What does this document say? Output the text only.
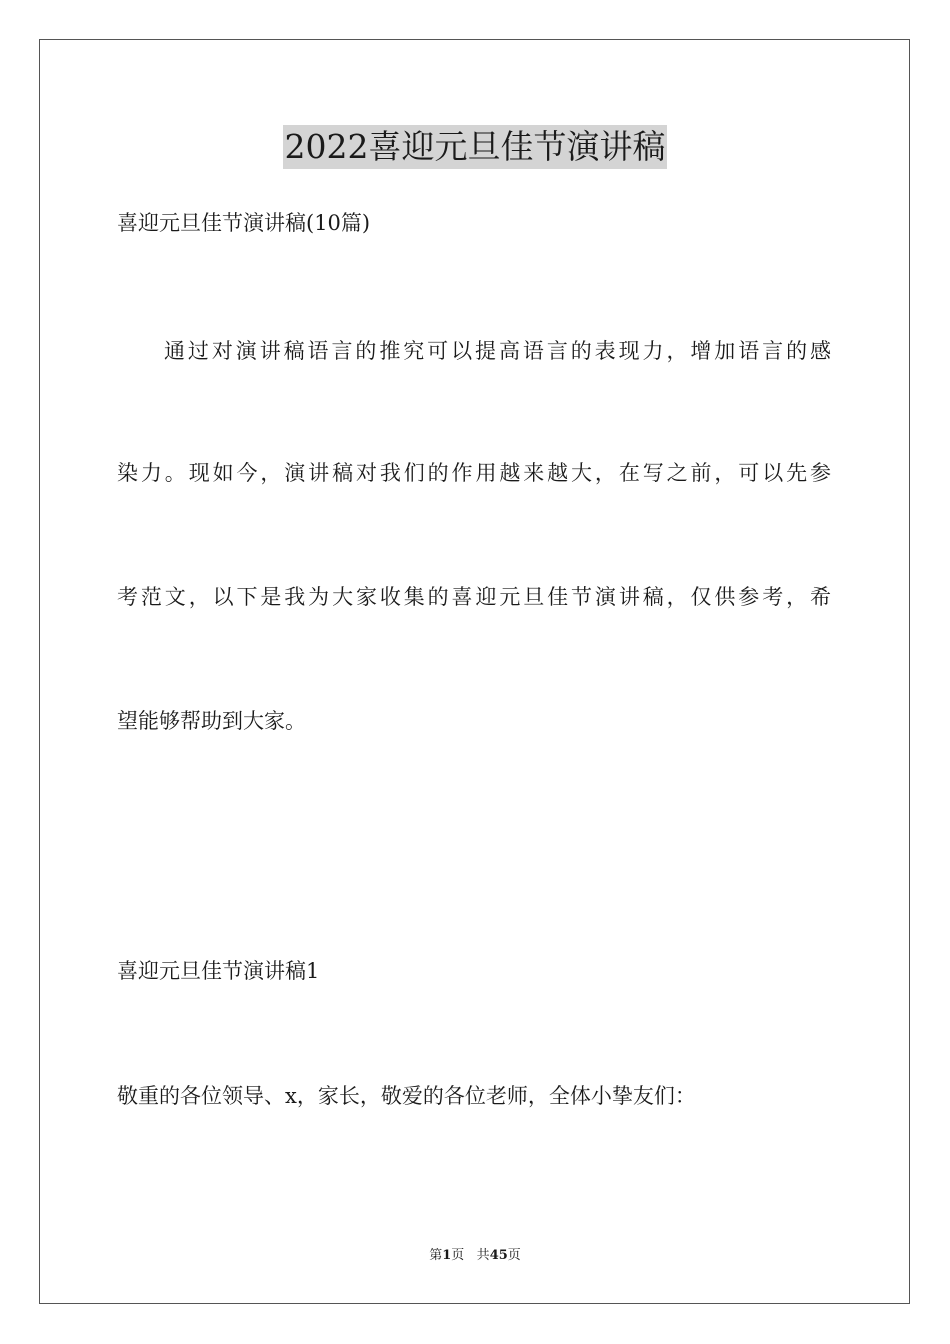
2022喜迎元旦佳节演讲稿
喜迎元旦佳节演讲稿(10篇)
通过对演讲稿语言的推究可以提高语言的表现力，增加语言的感
染力。现如今，演讲稿对我们的作用越来越大，在写之前，可以先参
考范文，以下是我为大家收集的喜迎元旦佳节演讲稿，仅供参考，希
望能够帮助到大家。
喜迎元旦佳节演讲稿1
敬重的各位领导、x，家长，敬爱的各位老师，全体小挚友们：
第1页 共45页
